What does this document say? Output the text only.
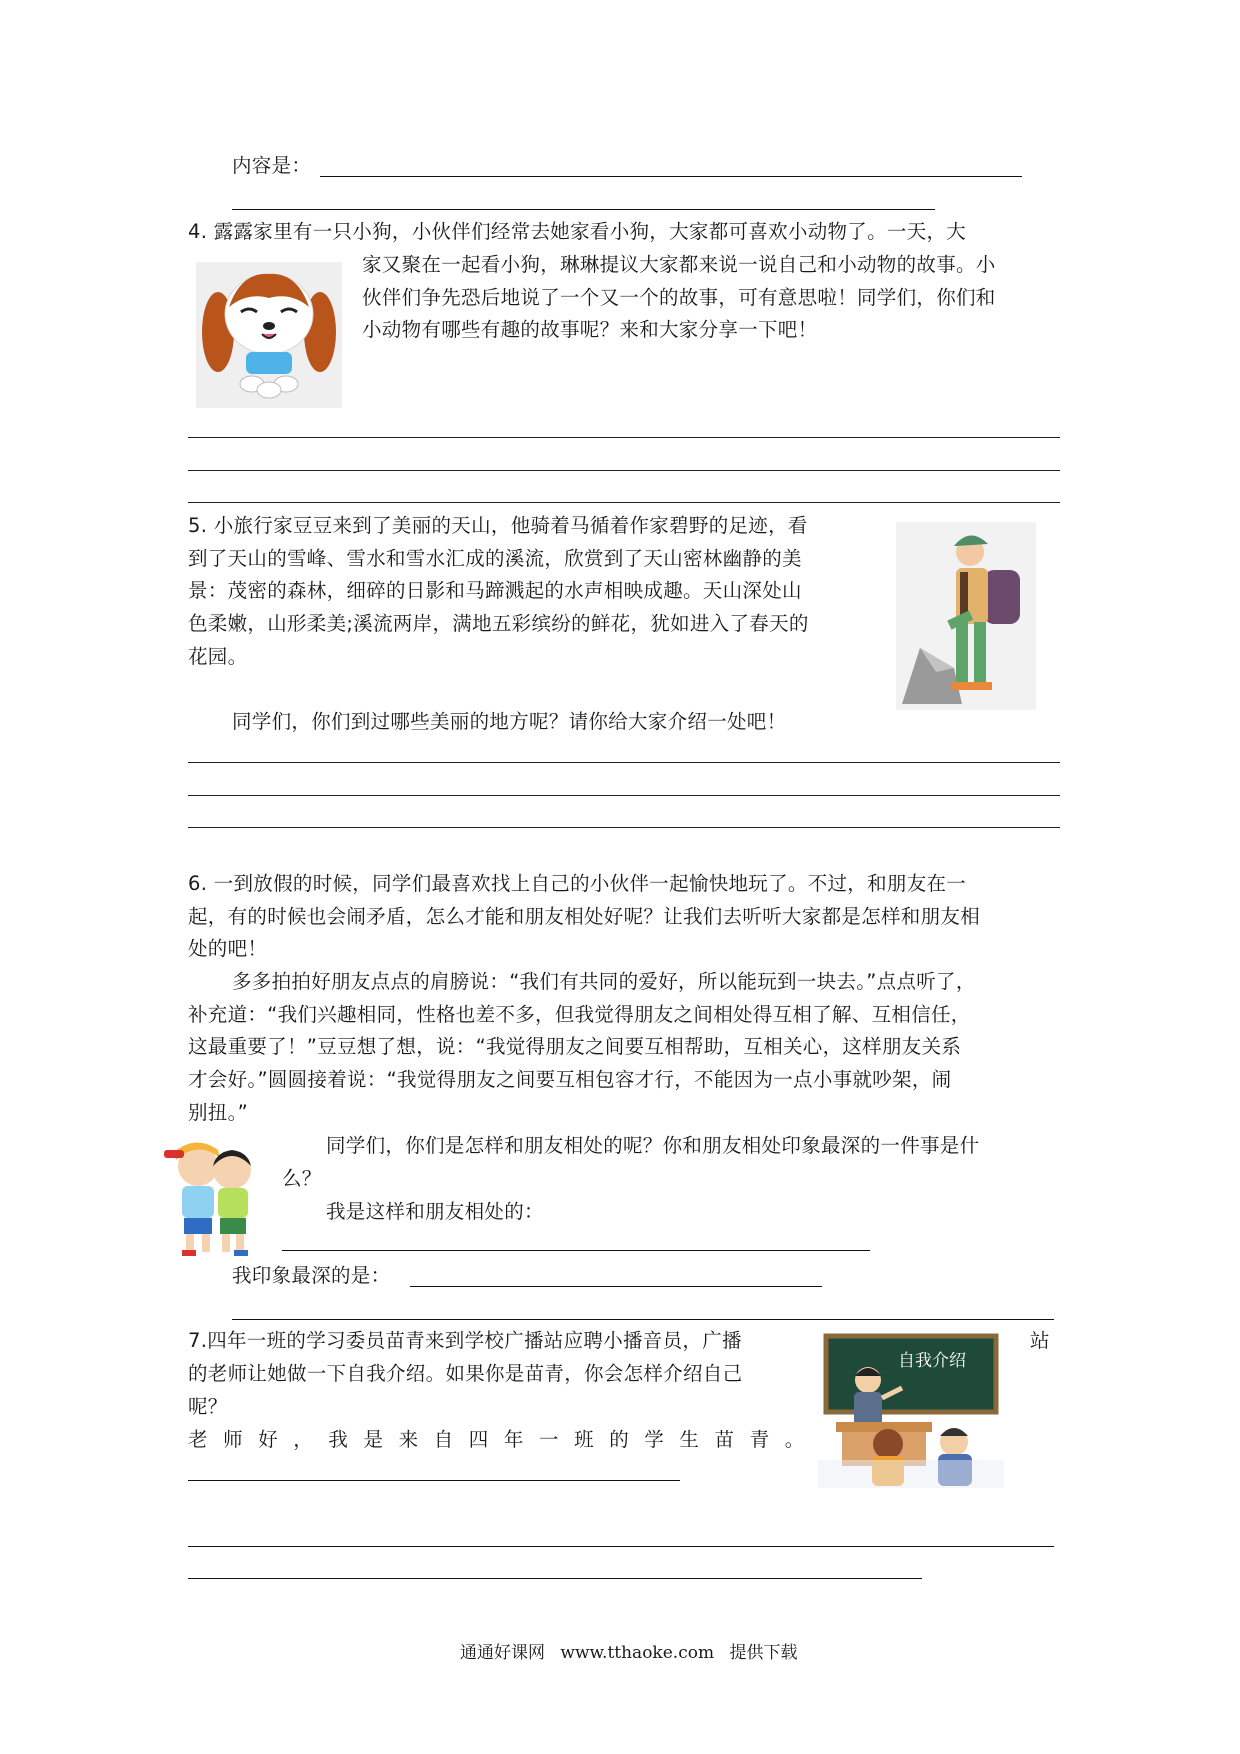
内容是：
4. 露露家里有一只小狗，小伙伴们经常去她家看小狗，大家都可喜欢小动物了。一天，大

家又聚在一起看小狗，琳琳提议大家都来说一说自己和小动物的故事。小

伙伴们争先恐后地说了一个又一个的故事，可有意思啦！同学们，你们和

小动物有哪些有趣的故事呢？来和大家分享一下吧！

5. 小旅行家豆豆来到了美丽的天山，他骑着马循着作家碧野的足迹，看

到了天山的雪峰、雪水和雪水汇成的溪流，欣赏到了天山密林幽静的美

景：茂密的森林，细碎的日影和马蹄溅起的水声相映成趣。天山深处山

色柔嫩，山形柔美;溪流两岸，满地五彩缤纷的鲜花，犹如进入了春天的

花园。

同学们，你们到过哪些美丽的地方呢？请你给大家介绍一处吧！

6. 一到放假的时候，同学们最喜欢找上自己的小伙伴一起愉快地玩了。不过，和朋友在一

起，有的时候也会闹矛盾，怎么才能和朋友相处好呢？让我们去听听大家都是怎样和朋友相

处的吧！

多多拍拍好朋友点点的肩膀说：“我们有共同的爱好，所以能玩到一块去。”点点听了，

补充道：“我们兴趣相同，性格也差不多，但我觉得朋友之间相处得互相了解、互相信任，

这最重要了！”豆豆想了想，说：“我觉得朋友之间要互相帮助，互相关心，这样朋友关系

才会好。”圆圆接着说：“我觉得朋友之间要互相包容才行，不能因为一点小事就吵架，闹

别扭。”

同学们，你们是怎样和朋友相处的呢？你和朋友相处印象最深的一件事是什
么？
我是这样和朋友相处的：
我印象最深的是：
7.四年一班的学习委员苗青来到学校广播站应聘小播音员，广播	站
的老师让她做一下自我介绍。如果你是苗青，你会怎样介绍自己
呢？
老师好，我是来自四年一班的学生苗青。
自我介绍
通通好课网 www.tthaoke.com 提供下载
